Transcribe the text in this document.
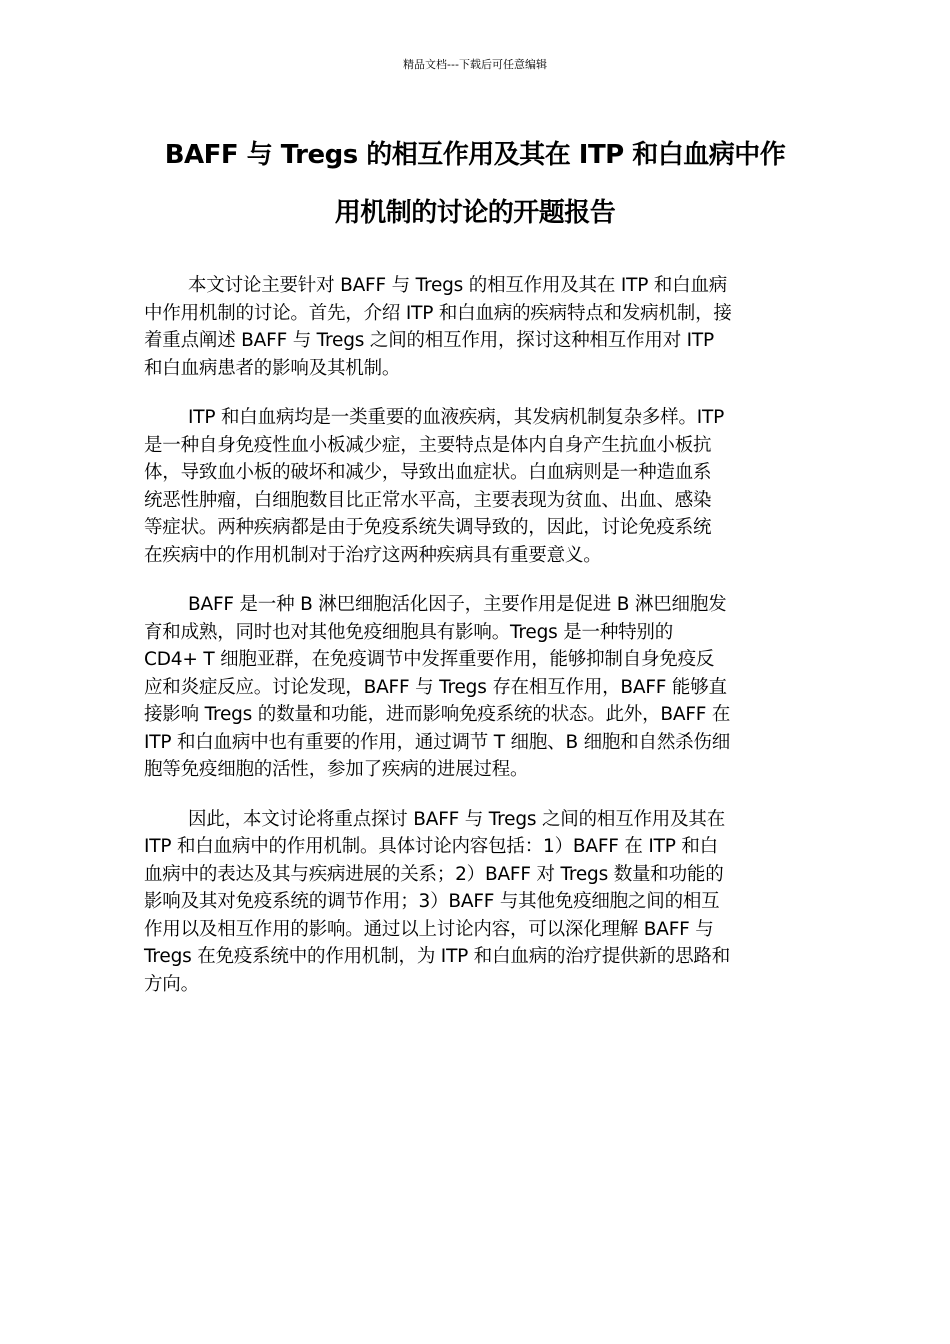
精品文档---下载后可任意编辑
BAFF 与 Tregs 的相互作用及其在 ITP 和白血病中作
用机制的讨论的开题报告

本文讨论主要针对 BAFF 与 Tregs 的相互作用及其在 ITP 和白血病
中作用机制的讨论。首先，介绍 ITP 和白血病的疾病特点和发病机制，接
着重点阐述 BAFF 与 Tregs 之间的相互作用，探讨这种相互作用对 ITP
和白血病患者的影响及其机制。

ITP 和白血病均是一类重要的血液疾病，其发病机制复杂多样。ITP
是一种自身免疫性血小板减少症，主要特点是体内自身产生抗血小板抗
体，导致血小板的破坏和减少，导致出血症状。白血病则是一种造血系
统恶性肿瘤，白细胞数目比正常水平高，主要表现为贫血、出血、感染
等症状。两种疾病都是由于免疫系统失调导致的，因此，讨论免疫系统
在疾病中的作用机制对于治疗这两种疾病具有重要意义。

BAFF 是一种 B 淋巴细胞活化因子，主要作用是促进 B 淋巴细胞发
育和成熟，同时也对其他免疫细胞具有影响。Tregs 是一种特别的
CD4+ T 细胞亚群，在免疫调节中发挥重要作用，能够抑制自身免疫反
应和炎症反应。讨论发现，BAFF 与 Tregs 存在相互作用，BAFF 能够直
接影响 Tregs 的数量和功能，进而影响免疫系统的状态。此外，BAFF 在
ITP 和白血病中也有重要的作用，通过调节 T 细胞、B 细胞和自然杀伤细
胞等免疫细胞的活性，参加了疾病的进展过程。

因此，本文讨论将重点探讨 BAFF 与 Tregs 之间的相互作用及其在
ITP 和白血病中的作用机制。具体讨论内容包括：1）BAFF 在 ITP 和白
血病中的表达及其与疾病进展的关系；2）BAFF 对 Tregs 数量和功能的
影响及其对免疫系统的调节作用；3）BAFF 与其他免疫细胞之间的相互
作用以及相互作用的影响。通过以上讨论内容，可以深化理解 BAFF 与
Tregs 在免疫系统中的作用机制，为 ITP 和白血病的治疗提供新的思路和
方向。
